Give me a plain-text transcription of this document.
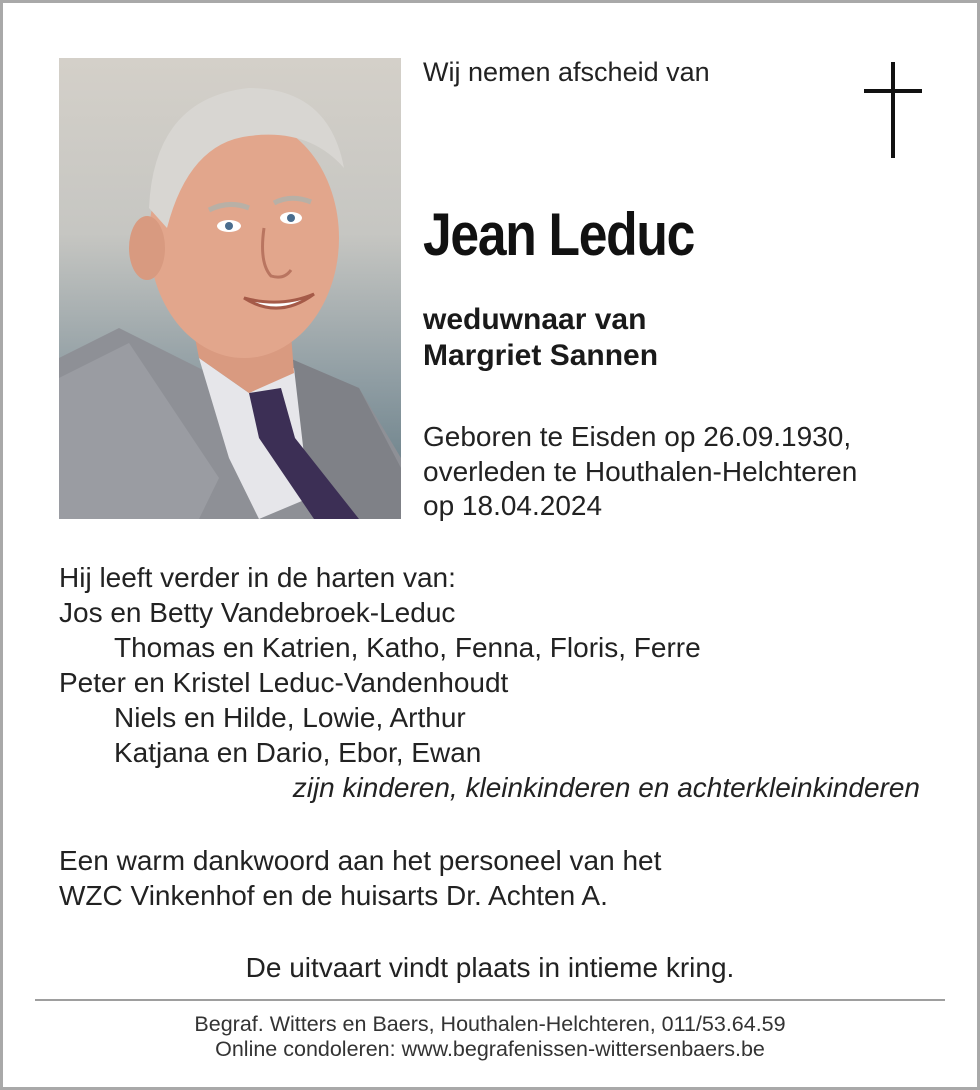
Wij nemen afscheid van
Jean Leduc
weduwnaar van
Margriet Sannen
Geboren te Eisden op 26.09.1930,
overleden te Houthalen-Helchteren
op 18.04.2024
Hij leeft verder in de harten van:
Jos en Betty Vandebroek-Leduc
Thomas en Katrien, Katho, Fenna, Floris, Ferre
Peter en Kristel Leduc-Vandenhoudt
Niels en Hilde, Lowie, Arthur
Katjana en Dario, Ebor, Ewan
zijn kinderen, kleinkinderen en achterkleinkinderen
Een warm dankwoord aan het personeel van het
WZC Vinkenhof en de huisarts Dr. Achten A.
De uitvaart vindt plaats in intieme kring.
Begraf. Witters en Baers, Houthalen-Helchteren, 011/53.64.59
Online condoleren: www.begrafenissen-wittersenbaers.be
